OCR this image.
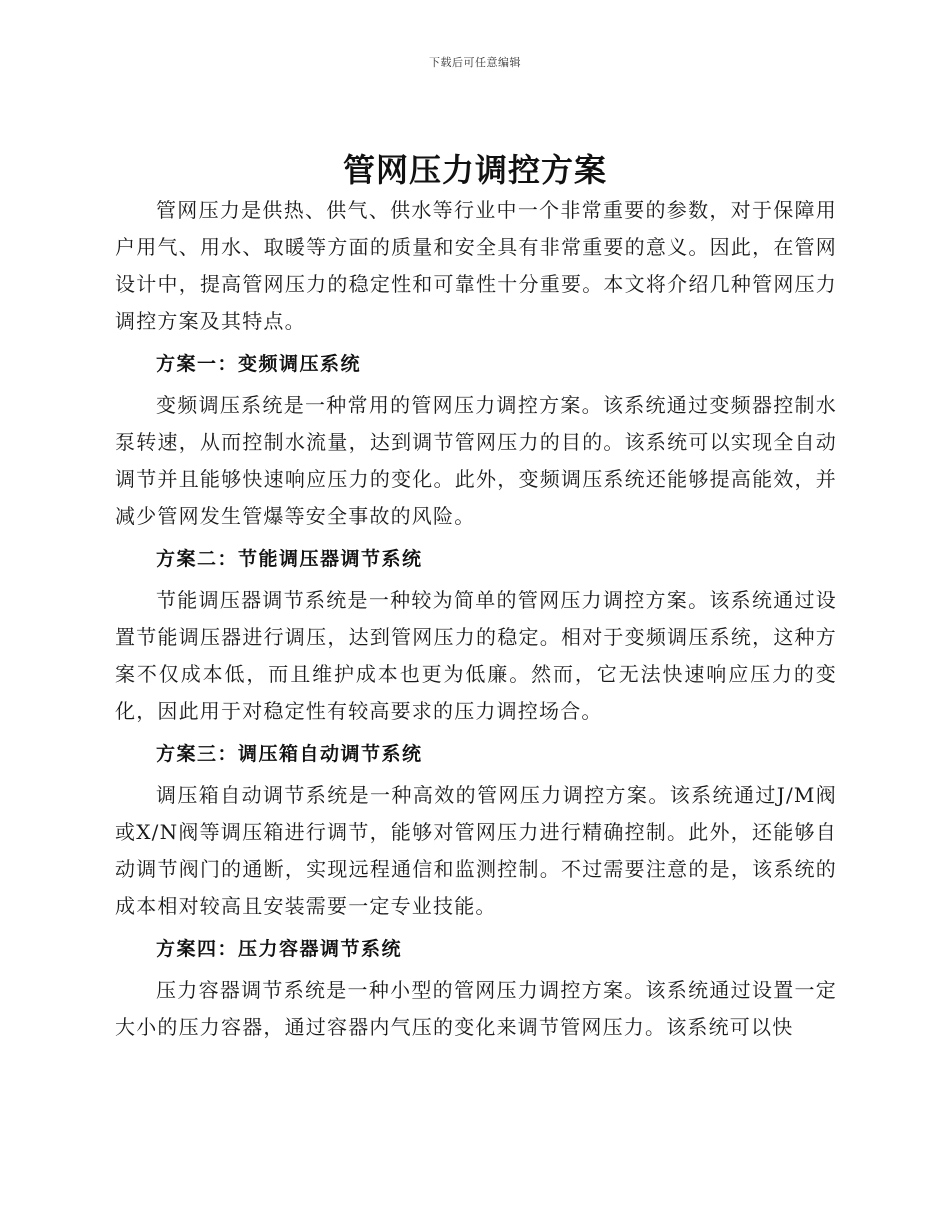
下载后可任意编辑
管网压力调控方案

管网压力是供热、供气、供水等行业中一个非常重要的参数，对于保障用户用气、用水、取暖等方面的质量和安全具有非常重要的意义。因此，在管网设计中，提高管网压力的稳定性和可靠性十分重要。本文将介绍几种管网压力调控方案及其特点。

方案一：变频调压系统

变频调压系统是一种常用的管网压力调控方案。该系统通过变频器控制水泵转速，从而控制水流量，达到调节管网压力的目的。该系统可以实现全自动调节并且能够快速响应压力的变化。此外，变频调压系统还能够提高能效，并减少管网发生管爆等安全事故的风险。

方案二：节能调压器调节系统

节能调压器调节系统是一种较为简单的管网压力调控方案。该系统通过设置节能调压器进行调压，达到管网压力的稳定。相对于变频调压系统，这种方案不仅成本低，而且维护成本也更为低廉。然而，它无法快速响应压力的变化，因此用于对稳定性有较高要求的压力调控场合。

方案三：调压箱自动调节系统

调压箱自动调节系统是一种高效的管网压力调控方案。该系统通过J/M阀或X/N阀等调压箱进行调节，能够对管网压力进行精确控制。此外，还能够自动调节阀门的通断，实现远程通信和监测控制。不过需要注意的是，该系统的成本相对较高且安装需要一定专业技能。

方案四：压力容器调节系统

压力容器调节系统是一种小型的管网压力调控方案。该系统通过设置一定大小的压力容器，通过容器内气压的变化来调节管网压力。该系统可以快
